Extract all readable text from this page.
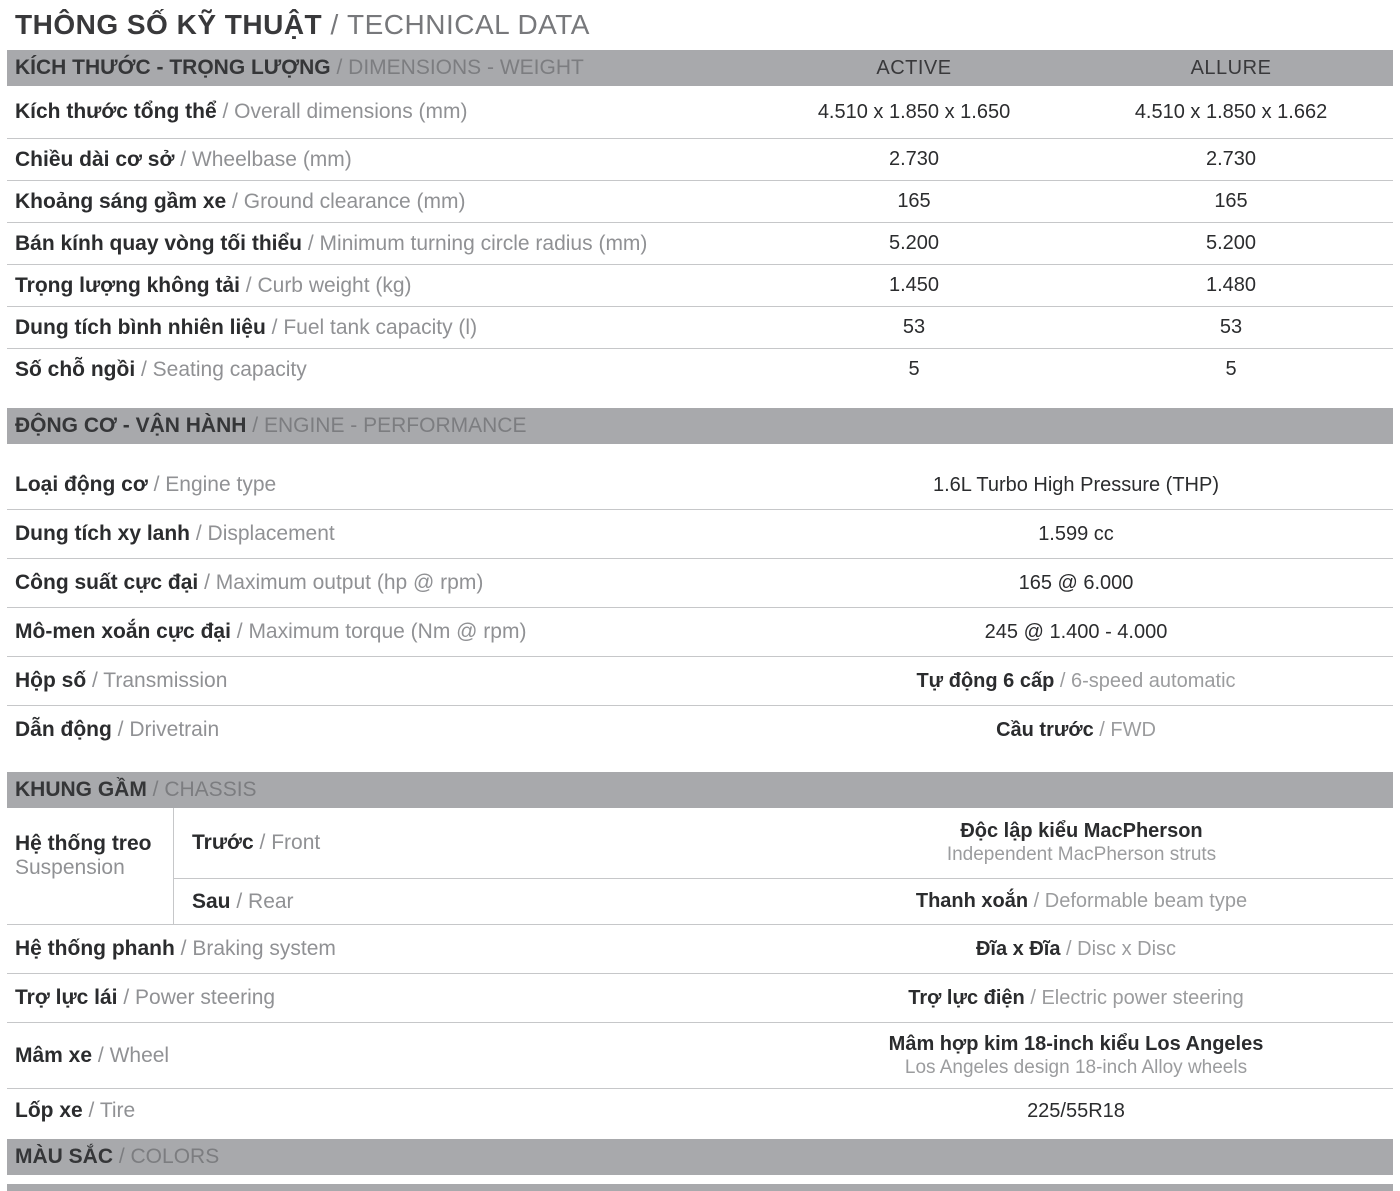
THÔNG SỐ KỸ THUẬT / TECHNICAL DATA
KÍCH THƯỚC - TRỌNG LƯỢNG / DIMENSIONS - WEIGHT	ACTIVE	ALLURE
Kích thước tổng thể / Overall dimensions (mm)	4.510 x 1.850 x 1.650	4.510 x 1.850 x 1.662
Chiều dài cơ sở / Wheelbase (mm)	2.730	2.730
Khoảng sáng gầm xe / Ground clearance (mm)	165	165
Bán kính quay vòng tối thiểu / Minimum turning circle radius (mm)	5.200	5.200
Trọng lượng không tải / Curb weight (kg)	1.450	1.480
Dung tích bình nhiên liệu / Fuel tank capacity (l)	53	53
Số chỗ ngồi / Seating capacity	5	5
ĐỘNG CƠ - VẬN HÀNH / ENGINE - PERFORMANCE
Loại động cơ / Engine type	1.6L Turbo High Pressure (THP)
Dung tích xy lanh / Displacement	1.599 cc
Công suất cực đại / Maximum output (hp @ rpm)	165 @ 6.000
Mô-men xoắn cực đại / Maximum torque (Nm @ rpm)	245 @ 1.400 - 4.000
Hộp số / Transmission	Tự động 6 cấp / 6-speed automatic
Dẫn động / Drivetrain	Cầu trước / FWD
KHUNG GẦM / CHASSIS
Hệ thống treo
Suspension
Trước / Front	Độc lập kiểu MacPherson
Independent MacPherson struts
Sau / Rear	Thanh xoắn / Deformable beam type
Hệ thống phanh / Braking system	Đĩa x Đĩa / Disc x Disc
Trợ lực lái / Power steering	Trợ lực điện / Electric power steering
Mâm xe / Wheel	Mâm hợp kim 18-inch kiểu Los Angeles
Los Angeles design 18-inch Alloy wheels
Lốp xe / Tire	225/55R18
MÀU SẮC / COLORS
